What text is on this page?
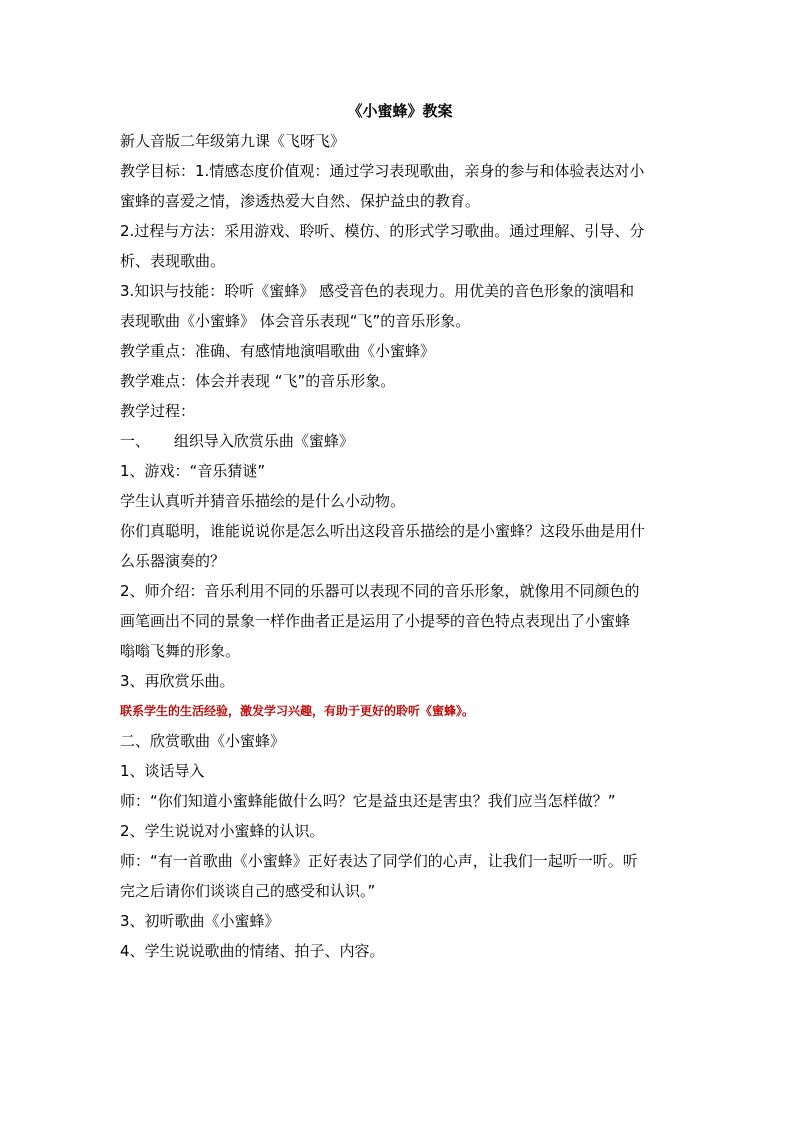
《小蜜蜂》教案

新人音版二年级第九课《飞呀飞》

教学目标：1.情感态度价值观：通过学习表现歌曲，亲身的参与和体验表达对小

蜜蜂的喜爱之情，渗透热爱大自然、保护益虫的教育。

2.过程与方法：采用游戏、聆听、模仿、的形式学习歌曲。通过理解、引导、分

析、表现歌曲。

3.知识与技能：聆听《蜜蜂》 感受音色的表现力。用优美的音色形象的演唱和

表现歌曲《小蜜蜂》 体会音乐表现“飞”的音乐形象。

教学重点：准确、有感情地演唱歌曲《小蜜蜂》

教学难点：体会并表现 “飞”的音乐形象。

教学过程：

一、     组织导入欣赏乐曲《蜜蜂》

1、游戏：“音乐猜谜”

学生认真听并猜音乐描绘的是什么小动物。

你们真聪明，谁能说说你是怎么听出这段音乐描绘的是小蜜蜂？这段乐曲是用什

么乐器演奏的？

2、师介绍：音乐利用不同的乐器可以表现不同的音乐形象，就像用不同颜色的

画笔画出不同的景象一样作曲者正是运用了小提琴的音色特点表现出了小蜜蜂

嗡嗡飞舞的形象。

3、再欣赏乐曲。

联系学生的生活经验，激发学习兴趣，有助于更好的聆听《蜜蜂》。

二、欣赏歌曲《小蜜蜂》

1、谈话导入

师：“你们知道小蜜蜂能做什么吗？它是益虫还是害虫？我们应当怎样做？”

2、学生说说对小蜜蜂的认识。

师：“有一首歌曲《小蜜蜂》正好表达了同学们的心声，让我们一起听一听。听

完之后请你们谈谈自己的感受和认识。”

3、初听歌曲《小蜜蜂》

4、学生说说歌曲的情绪、拍子、内容。
